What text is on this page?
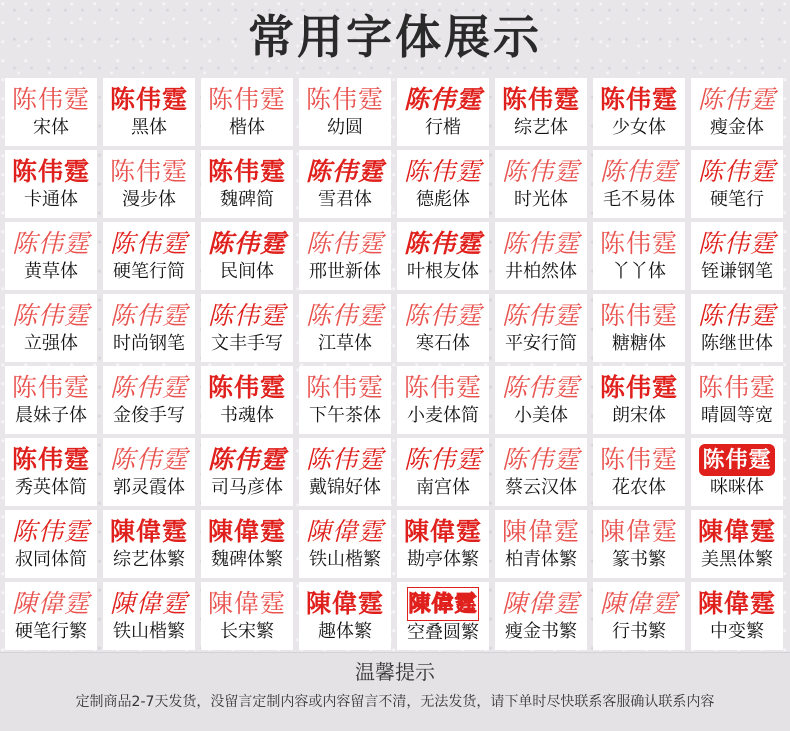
常用字体展示
陈伟霆
宋体
陈伟霆
黑体
陈伟霆
楷体
陈伟霆
幼圆
陈伟霆
行楷
陈伟霆
综艺体
陈伟霆
少女体
陈伟霆
瘦金体
陈伟霆
卡通体
陈伟霆
漫步体
陈伟霆
魏碑简
陈伟霆
雪君体
陈伟霆
德彪体
陈伟霆
时光体
陈伟霆
毛不易体
陈伟霆
硬笔行
陈伟霆
黄草体
陈伟霆
硬笔行简
陈伟霆
民间体
陈伟霆
邢世新体
陈伟霆
叶根友体
陈伟霆
井柏然体
陈伟霆
丫丫体
陈伟霆
铚谦钢笔
陈伟霆
立强体
陈伟霆
时尚钢笔
陈伟霆
文丰手写
陈伟霆
江草体
陈伟霆
寒石体
陈伟霆
平安行简
陈伟霆
糖糖体
陈伟霆
陈继世体
陈伟霆
晨妹子体
陈伟霆
金俊手写
陈伟霆
书魂体
陈伟霆
下午茶体
陈伟霆
小麦体简
陈伟霆
小美体
陈伟霆
朗宋体
陈伟霆
晴圆等宽
陈伟霆
秀英体简
陈伟霆
郭灵霞体
陈伟霆
司马彦体
陈伟霆
戴锦好体
陈伟霆
南宫体
陈伟霆
蔡云汉体
陈伟霆
花农体
陈伟霆
咪咪体
陈伟霆
叔同体简
陳偉霆
综艺体繁
陳偉霆
魏碑体繁
陳偉霆
铁山楷繁
陳偉霆
勘亭体繁
陳偉霆
柏青体繁
陳偉霆
篆书繁
陳偉霆
美黑体繁
陳偉霆
硬笔行繁
陳偉霆
铁山楷繁
陳偉霆
长宋繁
陳偉霆
趣体繁
陳偉霆
空叠圆繁
陳偉霆
瘦金书繁
陳偉霆
行书繁
陳偉霆
中变繁
温馨提示
定制商品2-7天发货，没留言定制内容或内容留言不清，无法发货，请下单时尽快联系客服确认联系内容
